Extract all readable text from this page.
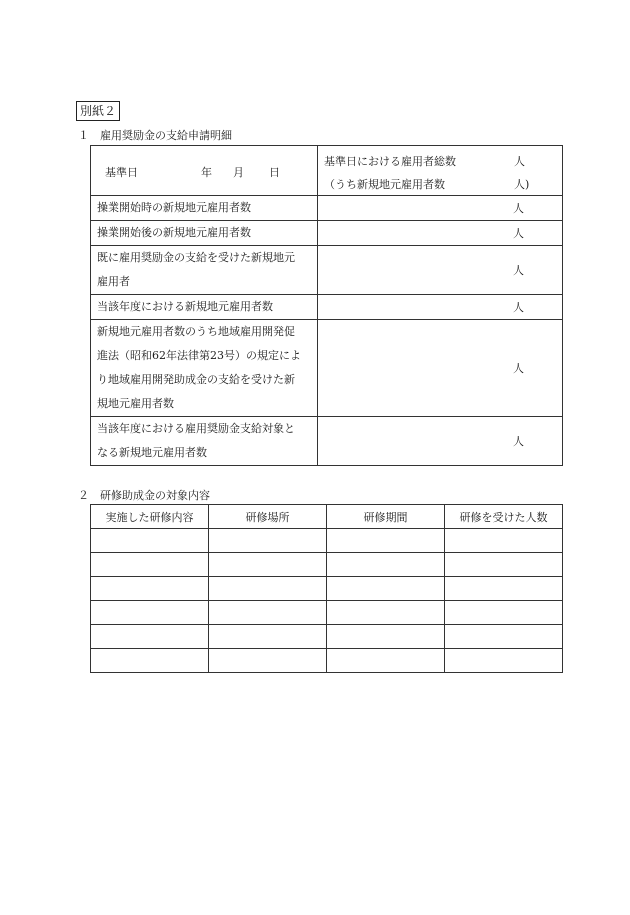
別紙２
１ 雇用奨励金の支給申請明細
基準日 年 月 日	基準日における雇用者総数 人
（うち新規地元雇用者数 人)

操業開始時の新規地元雇用者数	人

操業開始後の新規地元雇用者数	人

既に雇用奨励金の支給を受けた新規地元
雇用者	人

当該年度における新規地元雇用者数	人

新規地元雇用者数のうち地域雇用開発促
進法（昭和62年法律第23号）の規定によ
り地域雇用開発助成金の支給を受けた新
規地元雇用者数	人

当該年度における雇用奨励金支給対象と
なる新規地元雇用者数	人
２ 研修助成金の対象内容
実施した研修内容	研修場所	研修期間	研修を受けた人数
